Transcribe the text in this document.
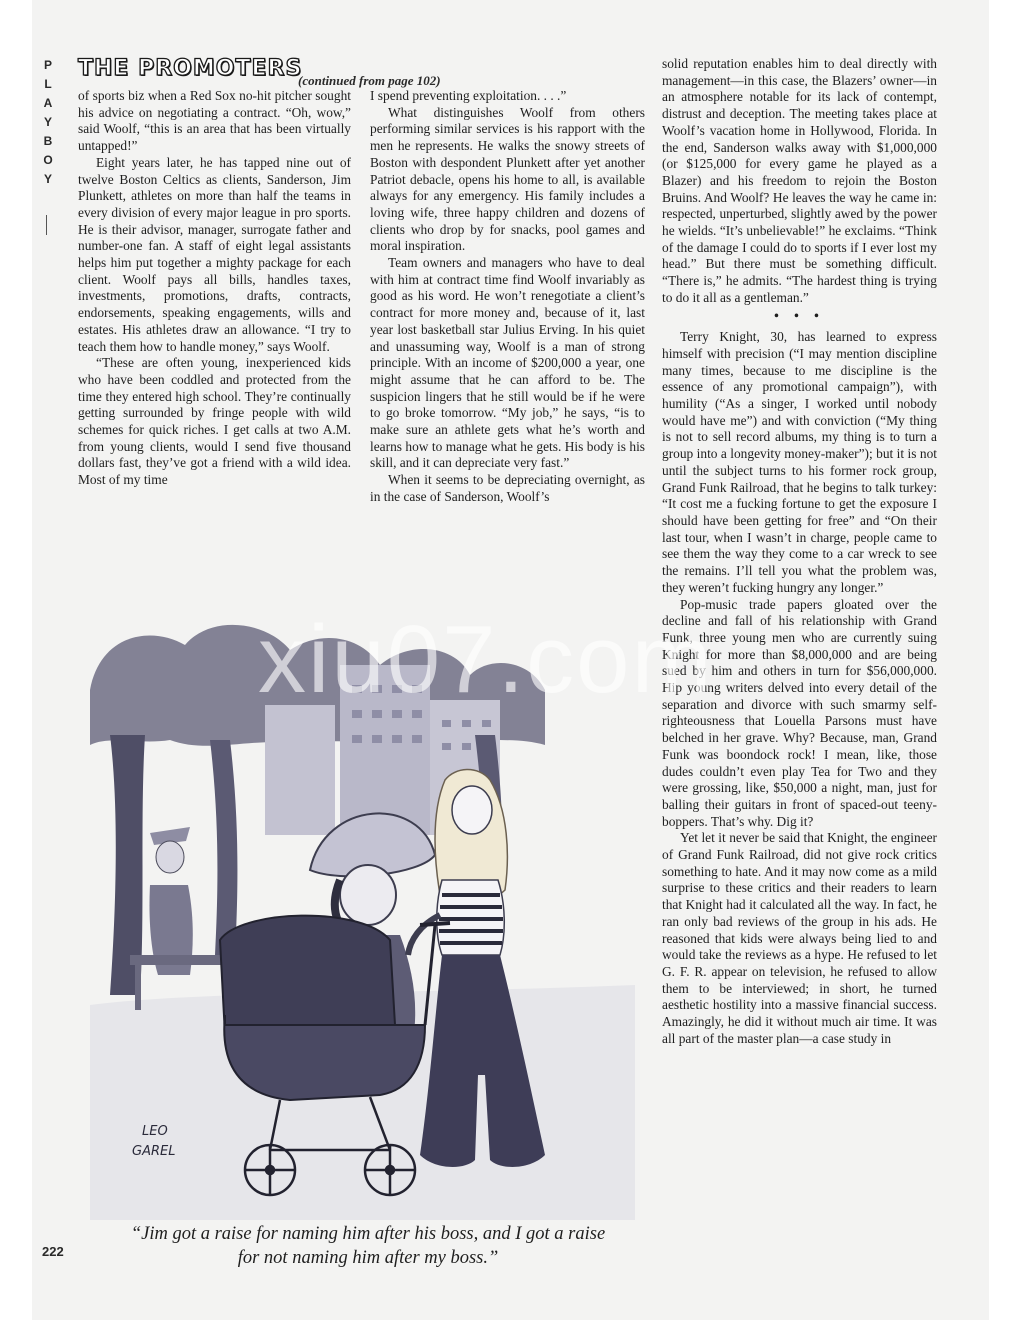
P
L
A
Y
B
O
Y
THE PROMOTERS
(continued from page 102)

of sports biz when a Red Sox no-hit pitcher sought his advice on negotiating a contract. “Oh, wow,” said Woolf, “this is an area that has been virtually untapped!”

Eight years later, he has tapped nine out of twelve Boston Celtics as clients, Sanderson, Jim Plunkett, athletes on more than half the teams in every division of every major league in pro sports. He is their advisor, manager, surrogate father and number-one fan. A staff of eight legal assistants helps him put together a mighty package for each client. Woolf pays all bills, handles taxes, investments, promotions, drafts, contracts, endorsements, speaking engagements, wills and estates. His athletes draw an allowance. “I try to teach them how to handle money,” says Woolf.

“These are often young, inexperienced kids who have been coddled and protected from the time they entered high school. They’re continually getting surrounded by fringe people with wild schemes for quick riches. I get calls at two A.M. from young clients, would I send five thousand dollars fast, they’ve got a friend with a wild idea. Most of my time

I spend preventing exploitation. . . .”

What distinguishes Woolf from others performing similar services is his rapport with the men he represents. He walks the snowy streets of Boston with despondent Plunkett after yet another Patriot debacle, opens his home to all, is available always for any emergency. His family includes a loving wife, three happy children and dozens of clients who drop by for snacks, pool games and moral inspiration.

Team owners and managers who have to deal with him at contract time find Woolf invariably as good as his word. He won’t renegotiate a client’s contract for more money and, because of it, last year lost basketball star Julius Erving. In his quiet and unassuming way, Woolf is a man of strong principle. With an income of $200,000 a year, one might assume that he can afford to be. The suspicion lingers that he still would be if he were to go broke tomorrow. “My job,” he says, “is to make sure an athlete gets what he’s worth and learns how to manage what he gets. His body is his skill, and it can depreciate very fast.”

When it seems to be depreciating overnight, as in the case of Sanderson, Woolf’s

solid reputation enables him to deal directly with management—in this case, the Blazers’ owner—in an atmosphere notable for its lack of contempt, distrust and deception. The meeting takes place at Woolf’s vacation home in Hollywood, Florida. In the end, Sanderson walks away with $1,000,000 (or $125,000 for every game he played as a Blazer) and his freedom to rejoin the Boston Bruins. And Woolf? He leaves the way he came in: respected, unperturbed, slightly awed by the power he wields. “It’s unbelievable!” he exclaims. “Think of the damage I could do to sports if I ever lost my head.” But there must be something difficult. “There is,” he admits. “The hardest thing is trying to do it all as a gentleman.”

• • •

Terry Knight, 30, has learned to express himself with precision (“I may mention discipline many times, because to me discipline is the essence of any promotional campaign”), with humility (“As a singer, I worked until nobody would have me”) and with conviction (“My thing is not to sell record albums, my thing is to turn a group into a longevity money-maker”); but it is not until the subject turns to his former rock group, Grand Funk Railroad, that he begins to talk turkey: “It cost me a fucking fortune to get the exposure I should have been getting for free” and “On their last tour, when I wasn’t in charge, people came to see them the way they come to a car wreck to see the remains. I’ll tell you what the problem was, they weren’t fucking hungry any longer.”

Pop-music trade papers gloated over the decline and fall of his relationship with Grand Funk, three young men who are currently suing Knight for more than $8,000,000 and are being sued by him and others in turn for $56,000,000. Hip young writers delved into every detail of the separation and divorce with such smarmy self-righteousness that Louella Parsons must have belched in her grave. Why? Because, man, Grand Funk was boondock rock! I mean, like, those dudes couldn’t even play Tea for Two and they were grossing, like, $50,000 a night, man, just for balling their guitars in front of spaced-out teeny-boppers. That’s why. Dig it?

Yet let it never be said that Knight, the engineer of Grand Funk Railroad, did not give rock critics something to hate. And it may now come as a mild surprise to these critics and their readers to learn that Knight had it calculated all the way. In fact, he ran only bad reviews of the group in his ads. He reasoned that kids were always being lied to and would take the reviews as a hype. He refused to let G. F. R. appear on television, he refused to allow them to be interviewed; in short, he turned aesthetic hostility into a massive financial success. Amazingly, he did it without much air time. It was all part of the master plan—a case study in

LEO
GAREL
“Jim got a raise for naming him after his boss, and I got a raise for not naming him after my boss.”
222
xiu07.com
